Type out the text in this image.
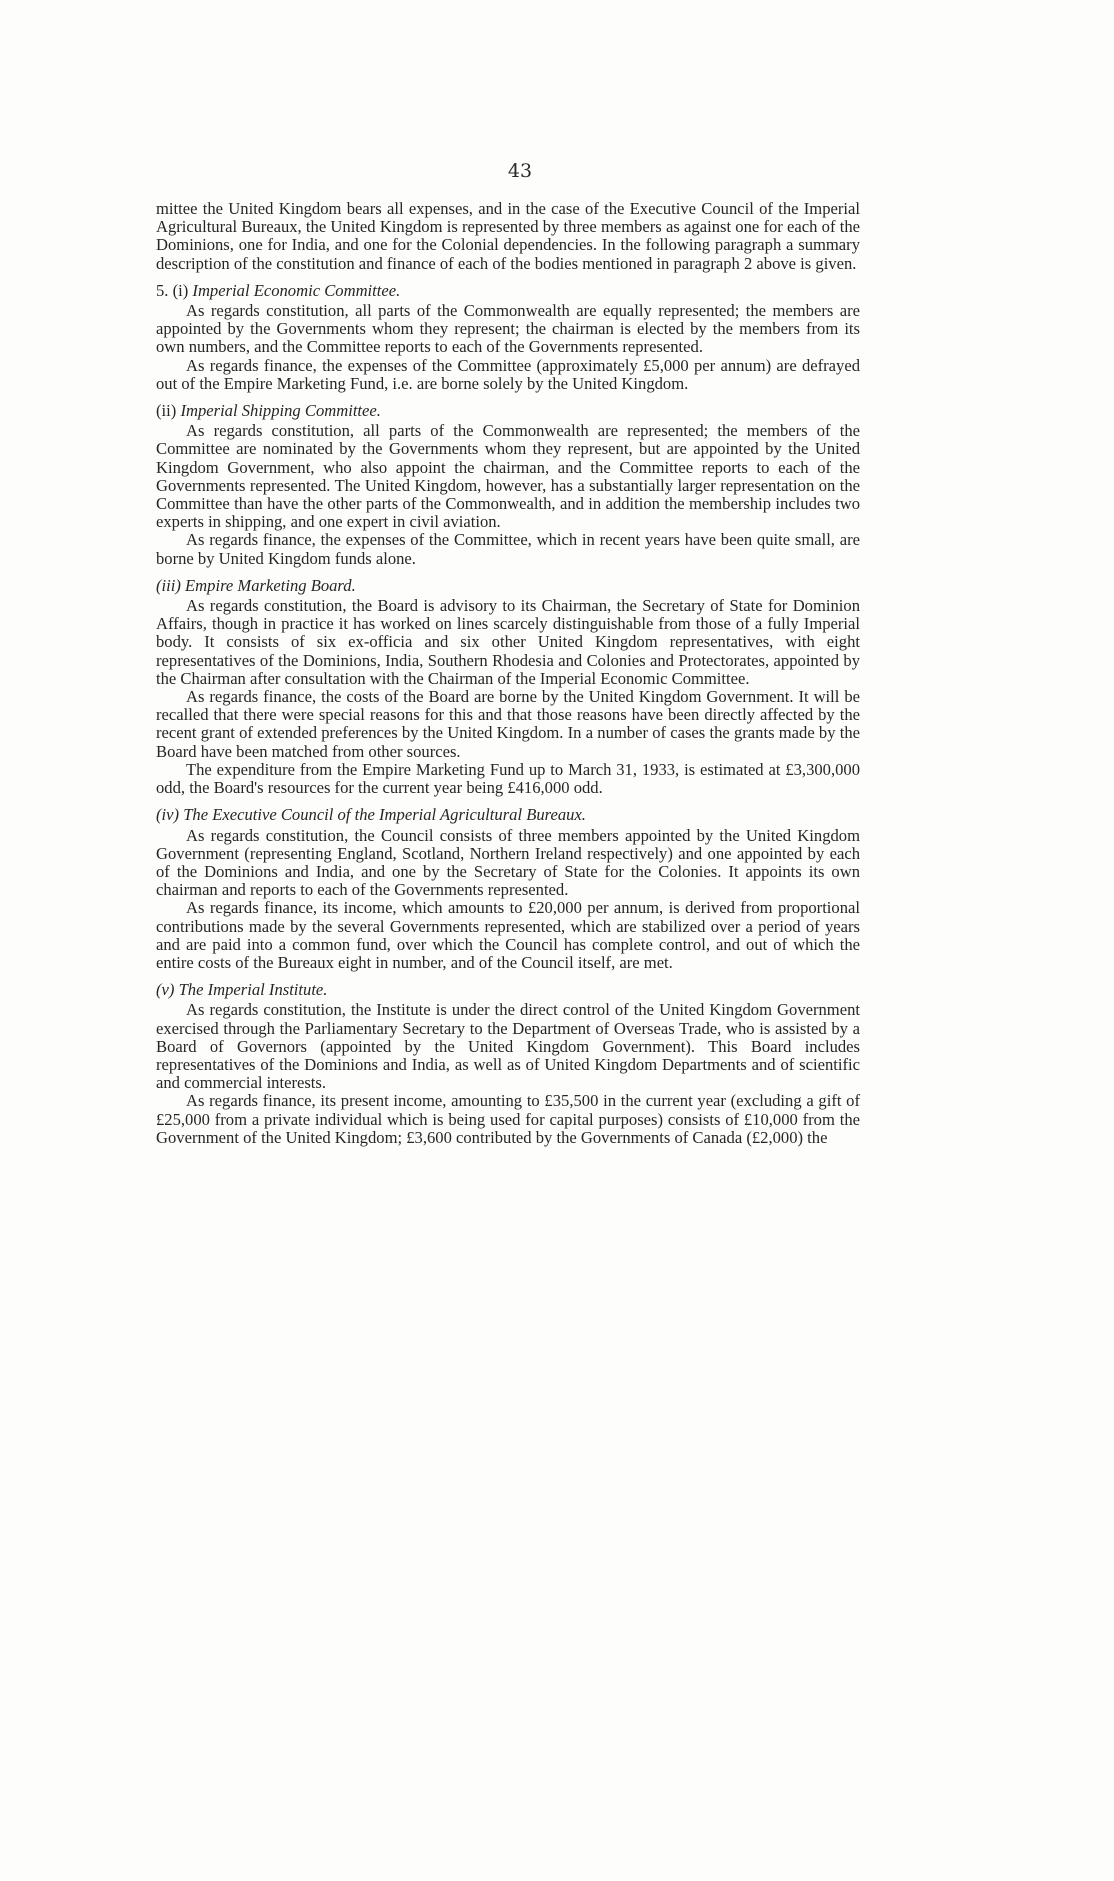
43

mittee the United Kingdom bears all expenses, and in the case of the Executive Council of the Imperial Agricultural Bureaux, the United Kingdom is represented by three members as against one for each of the Dominions, one for India, and one for the Colonial dependencies. In the following paragraph a summary description of the constitution and finance of each of the bodies mentioned in paragraph 2 above is given.

5. (i) Imperial Economic Committee.

As regards constitution, all parts of the Commonwealth are equally represented; the members are appointed by the Governments whom they represent; the chairman is elected by the members from its own numbers, and the Committee reports to each of the Governments represented.

As regards finance, the expenses of the Committee (approximately £5,000 per annum) are defrayed out of the Empire Marketing Fund, i.e. are borne solely by the United Kingdom.

(ii) Imperial Shipping Committee.

As regards constitution, all parts of the Commonwealth are represented; the members of the Committee are nominated by the Governments whom they represent, but are appointed by the United Kingdom Government, who also appoint the chairman, and the Committee reports to each of the Governments represented. The United Kingdom, however, has a substantially larger representation on the Committee than have the other parts of the Commonwealth, and in addition the membership includes two experts in shipping, and one expert in civil aviation.

As regards finance, the expenses of the Committee, which in recent years have been quite small, are borne by United Kingdom funds alone.

(iii) Empire Marketing Board.

As regards constitution, the Board is advisory to its Chairman, the Secretary of State for Dominion Affairs, though in practice it has worked on lines scarcely distinguishable from those of a fully Imperial body. It consists of six ex-officia and six other United Kingdom representatives, with eight representatives of the Dominions, India, Southern Rhodesia and Colonies and Protectorates, appointed by the Chairman after consultation with the Chairman of the Imperial Economic Committee.

As regards finance, the costs of the Board are borne by the United Kingdom Government. It will be recalled that there were special reasons for this and that those reasons have been directly affected by the recent grant of extended preferences by the United Kingdom. In a number of cases the grants made by the Board have been matched from other sources.

The expenditure from the Empire Marketing Fund up to March 31, 1933, is estimated at £3,300,000 odd, the Board's resources for the current year being £416,000 odd.

(iv) The Executive Council of the Imperial Agricultural Bureaux.

As regards constitution, the Council consists of three members appointed by the United Kingdom Government (representing England, Scotland, Northern Ireland respectively) and one appointed by each of the Dominions and India, and one by the Secretary of State for the Colonies. It appoints its own chairman and reports to each of the Governments represented.

As regards finance, its income, which amounts to £20,000 per annum, is derived from proportional contributions made by the several Governments represented, which are stabilized over a period of years and are paid into a common fund, over which the Council has complete control, and out of which the entire costs of the Bureaux eight in number, and of the Council itself, are met.

(v) The Imperial Institute.

As regards constitution, the Institute is under the direct control of the United Kingdom Government exercised through the Parliamentary Secretary to the Department of Overseas Trade, who is assisted by a Board of Governors (appointed by the United Kingdom Government). This Board includes representatives of the Dominions and India, as well as of United Kingdom Departments and of scientific and commercial interests.

As regards finance, its present income, amounting to £35,500 in the current year (excluding a gift of £25,000 from a private individual which is being used for capital purposes) consists of £10,000 from the Government of the United Kingdom; £3,600 contributed by the Governments of Canada (£2,000) the
